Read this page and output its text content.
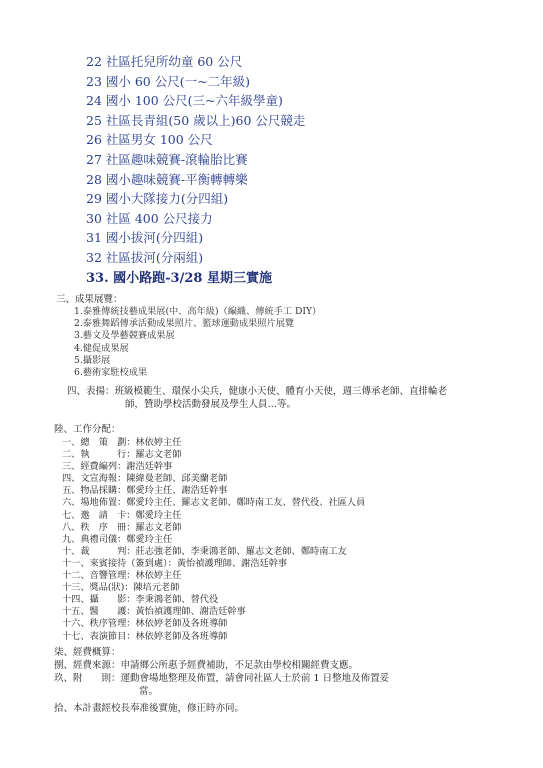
22 社區托兒所幼童 60 公尺
23 國小 60 公尺(一~二年級)
24 國小 100 公尺(三~六年級學童)
25 社區長青組(50 歲以上)60 公尺競走
26 社區男女 100 公尺
27 社區趣味競賽-滾輪胎比賽
28 國小趣味競賽-平衡轉轉樂
29 國小大隊接力(分四組)
30 社區 400 公尺接力
31 國小拔河(分四組)
32 社區拔河(分兩組)
33. 國小路跑-3/28 星期三實施
三、成果展覽：
1.泰雅傳統技藝成果展(中、高年級)（編織、傳統手工 DIY）
2.泰雅舞蹈傳承活動成果照片、籃球運動成果照片展覽
3.藝文及學藝競賽成果展
4.健促成果展
5.攝影展
6.藝術家駐校成果
四、表揚：班級模範生、環保小尖兵，健康小天使、體育小天使，週三傳承老師、直排輪老
師，贊助學校活動發展及學生人員…等。
陸、工作分配：
一、總　策　劃：林依婷主任
二、執　　　行：羅志文老師
三、經費編列：謝浩廷幹事
四、文宣海報：陳緯曼老師、邱美蘭老師
五、物品採購：鄭愛玲主任、謝浩廷幹事
六、場地佈置：鄭愛玲主任、羅志文老師、鄭時南工友、替代役、社區人員
七、邀　請　卡：鄭愛玲主任
八、秩　序　冊：羅志文老師
九、典禮司儀：鄭愛玲主任
十、裁　　　判：莊志強老師、李秉鴻老師、羅志文老師、鄭時南工友
十一、來賓接待（簽到處）：黃怡禎護理師、謝浩廷幹事
十二、音響管理：林依婷主任
十三、獎品(狀)：陳培元老師
十四、攝　　影：李秉鴻老師、替代役
十五、醫　　護：黃怡禎護理師、謝浩廷幹事
十六、秩序管理：林依婷老師及各班導師
十七、表演節目：林依婷老師及各班導師
柒、經費概算：
捌、經費來源：申請鄉公所惠予經費補助，不足款由學校相關經費支應。
玖、附　　則：運動會場地整理及佈置，請會同社區人士於前 1 日整地及佈置妥
當。
拾、本計畫經校長奉准後實施，修正時亦同。
